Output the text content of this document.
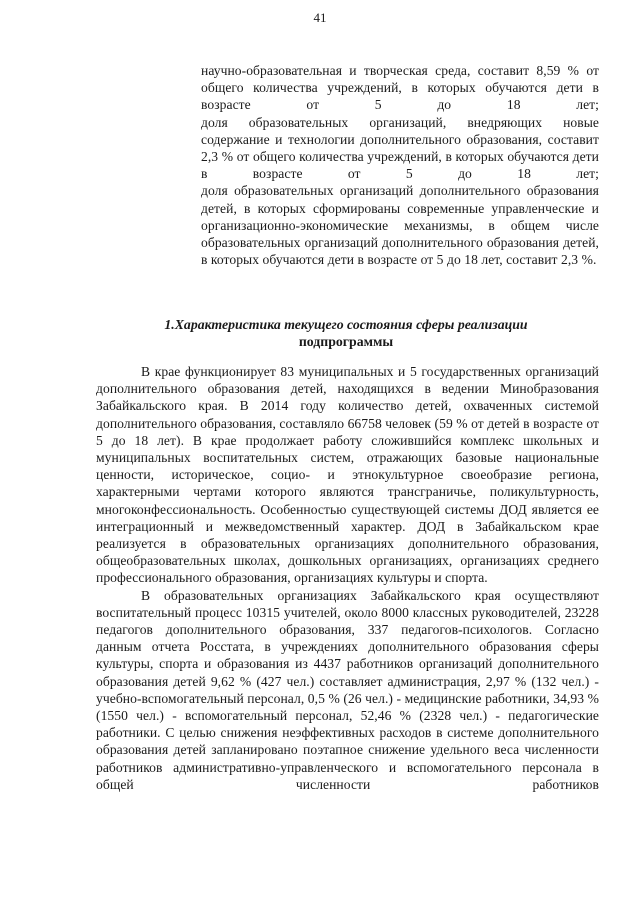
41

научно-образовательная и творческая среда, составит 8,59 % от общего количества учреждений, в которых обучаются дети в возрасте от 5 до 18 лет;

доля образовательных организаций, внедряющих новые содержание и технологии дополнительного образования, составит 2,3 % от общего количества учреждений, в которых обучаются дети в возрасте от 5 до 18 лет;

доля образовательных организаций дополнительного образования детей, в которых сформированы современные управленческие и организационно-экономические механизмы, в общем числе образовательных организаций дополнительного образования детей, в которых обучаются дети в возрасте от 5 до 18 лет, составит 2,3 %.

1.Характеристика текущего состояния сферы реализации
подпрограммы

В крае функционирует 83 муниципальных и 5 государственных организаций дополнительного образования детей, находящихся в ведении Минобразования Забайкальского края. В 2014 году количество детей, охваченных системой дополнительного образования, составляло 66758 человек (59 % от детей в возрасте от 5 до 18 лет). В крае продолжает работу сложившийся комплекс школьных и муниципальных воспитательных систем, отражающих базовые национальные ценности, историческое, социо- и этнокультурное своеобразие региона, характерными чертами которого являются трансграничье, поликультурность, многоконфессиональность. Особенностью существующей системы ДОД является ее интеграционный и межведомственный характер. ДОД в Забайкальском крае реализуется в образовательных организациях дополнительного образования, общеобразовательных школах, дошкольных организациях, организациях среднего профессионального образования, организациях культуры и спорта.

В образовательных организациях Забайкальского края осуществляют воспитательный процесс 10315 учителей, около 8000 классных руководителей, 23228 педагогов дополнительного образования, 337 педагогов-психологов. Согласно данным отчета Росстата, в учреждениях дополнительного образования сферы культуры, спорта и образования из 4437 работников организаций дополнительного образования детей 9,62 % (427 чел.) составляет администрация, 2,97 % (132 чел.) - учебно-вспомогательный персонал, 0,5 % (26 чел.) - медицинские работники, 34,93 % (1550 чел.) - вспомогательный персонал, 52,46 % (2328 чел.) - педагогические работники. С целью снижения неэффективных расходов в системе дополнительного образования детей запланировано поэтапное снижение удельного веса численности работников административно-управленческого и вспомогательного персонала в общей численности работников
